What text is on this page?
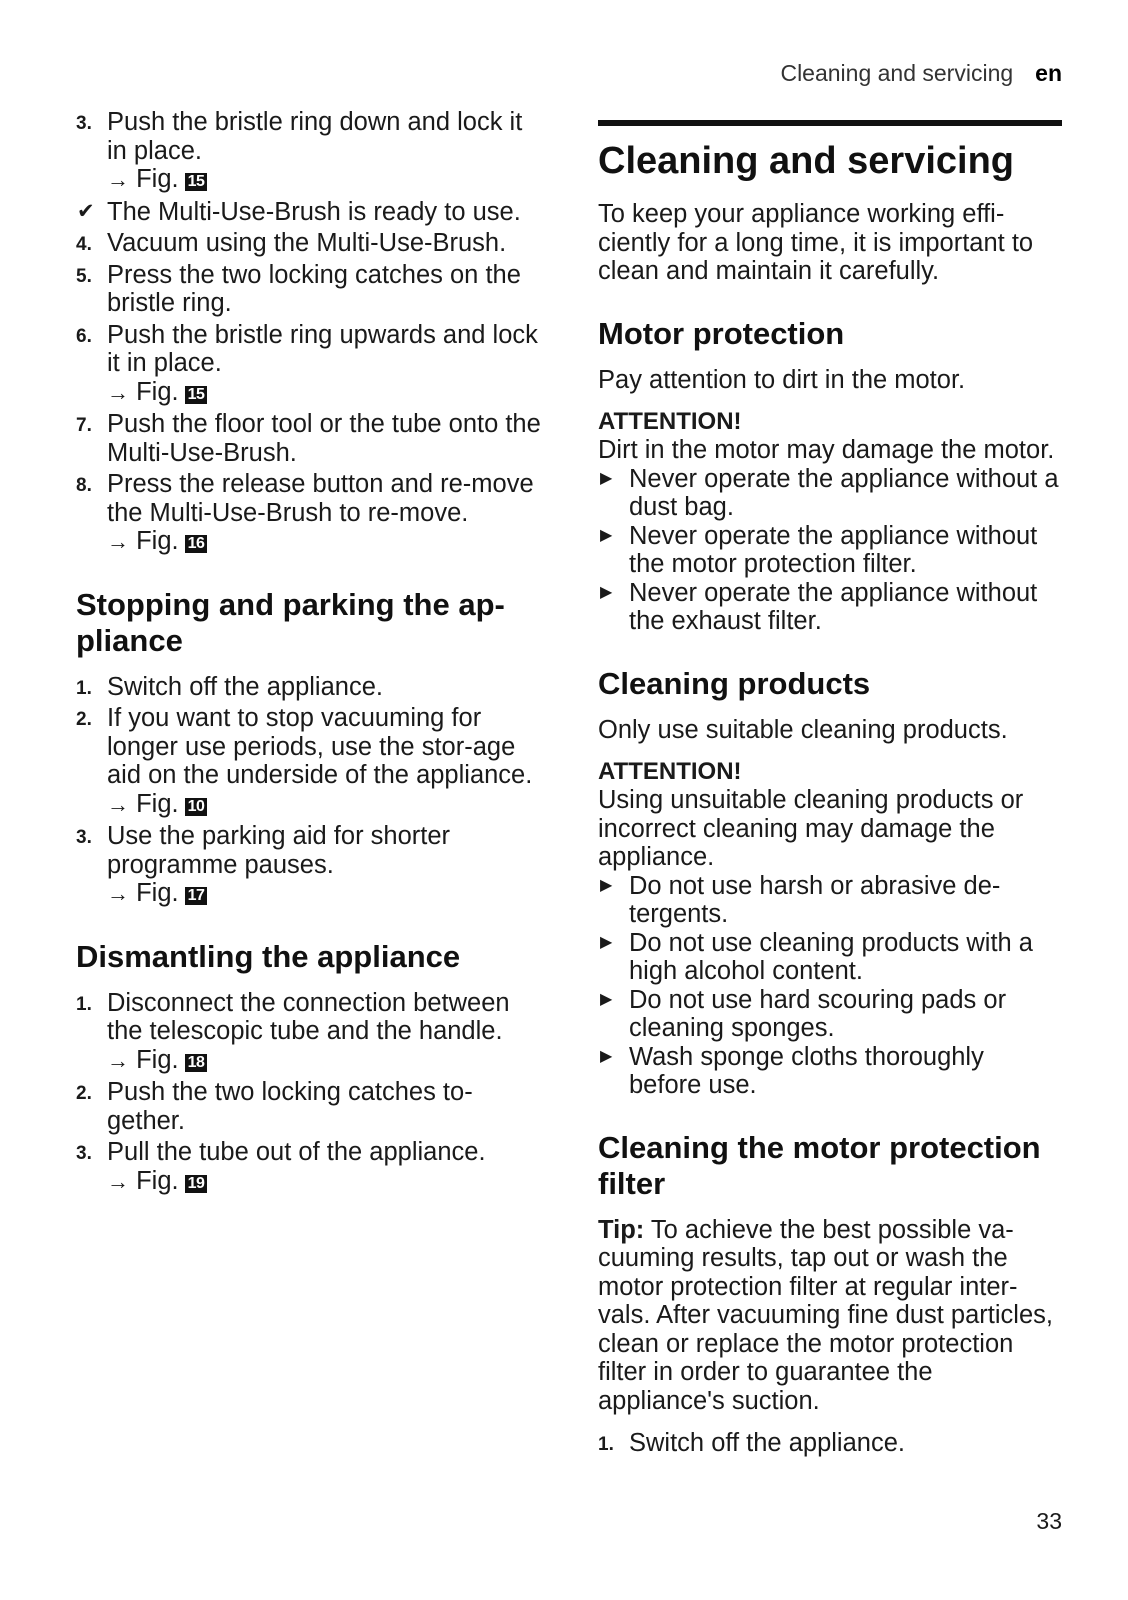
Cleaning and servicing en
3. Push the bristle ring down and lock it in place.
→ Fig. 15
✔ The Multi-Use-Brush is ready to use.
4. Vacuum using the Multi-Use-Brush.
5. Press the two locking catches on the bristle ring.
6. Push the bristle ring upwards and lock it in place.
→ Fig. 15
7. Push the floor tool or the tube onto the Multi-Use-Brush.
8. Press the release button and re-move the Multi-Use-Brush to re-move.
→ Fig. 16
Stopping and parking the ap-pliance
1. Switch off the appliance.
2. If you want to stop vacuuming for longer use periods, use the stor-age aid on the underside of the appliance.
→ Fig. 10
3. Use the parking aid for shorter programme pauses.
→ Fig. 17
Dismantling the appliance
1. Disconnect the connection between the telescopic tube and the handle.
→ Fig. 18
2. Push the two locking catches to-gether.
3. Pull the tube out of the appliance.
→ Fig. 19
Cleaning and servicing
To keep your appliance working effi-ciently for a long time, it is important to clean and maintain it carefully.
Motor protection
Pay attention to dirt in the motor.
ATTENTION!
Dirt in the motor may damage the motor.
▶ Never operate the appliance without a dust bag.
▶ Never operate the appliance without the motor protection filter.
▶ Never operate the appliance without the exhaust filter.
Cleaning products
Only use suitable cleaning products.
ATTENTION!
Using unsuitable cleaning products or incorrect cleaning may damage the appliance.
▶ Do not use harsh or abrasive de-tergents.
▶ Do not use cleaning products with a high alcohol content.
▶ Do not use hard scouring pads or cleaning sponges.
▶ Wash sponge cloths thoroughly before use.
Cleaning the motor protection filter
Tip: To achieve the best possible va-cuuming results, tap out or wash the motor protection filter at regular inter-vals. After vacuuming fine dust particles, clean or replace the motor protection filter in order to guarantee the appliance's suction.
1. Switch off the appliance.
33
